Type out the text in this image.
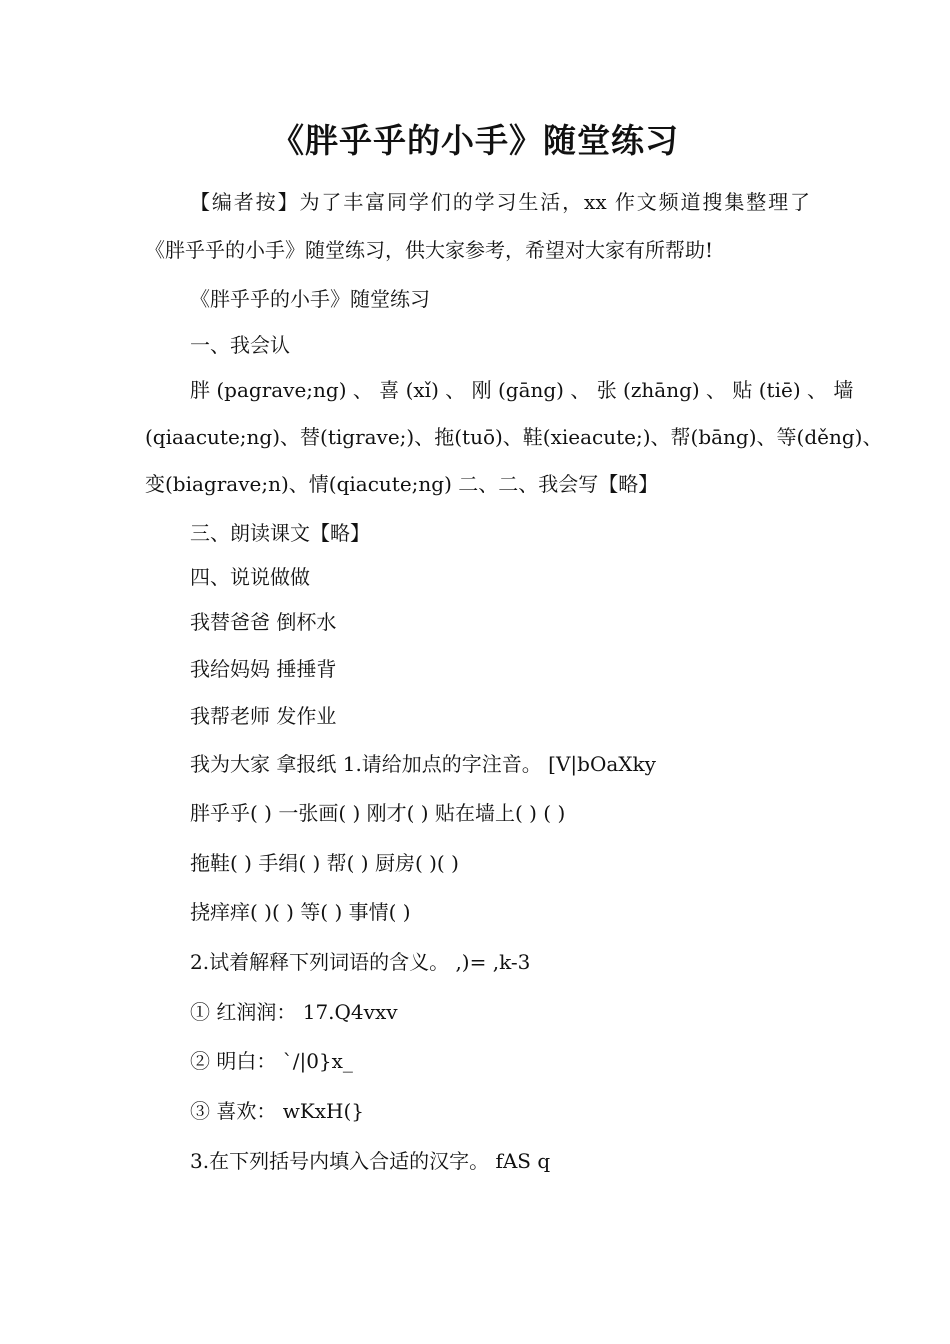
《胖乎乎的小手》随堂练习

【编者按】为了丰富同学们的学习生活，xx 作文频道搜集整理了

《胖乎乎的小手》随堂练习，供大家参考，希望对大家有所帮助!

《胖乎乎的小手》随堂练习

一、我会认

胖 (pagrave;ng) 、 喜 (xǐ) 、 刚 (gāng) 、 张 (zhāng) 、 贴 (tiē) 、 墙

(qiaacute;ng)、替(tigrave;)、拖(tuō)、鞋(xieacute;)、帮(bāng)、等(děng)、

变(biagrave;n)、情(qiacute;ng) 二、二、我会写【略】

三、朗读课文【略】

四、说说做做

我替爸爸 倒杯水

我给妈妈 捶捶背

我帮老师 发作业

我为大家 拿报纸 1.请给加点的字注音。 [V|bOaXky

胖乎乎( ) 一张画( ) 刚才( ) 贴在墙上( ) ( )

拖鞋( ) 手绢( ) 帮( ) 厨房( )( )

挠痒痒( )( ) 等( ) 事情( )

2.试着解释下列词语的含义。 ,)= ,k-3

① 红润润： 17.Q4vxv

② 明白： `/|0}x_

③ 喜欢： wKxH(}

3.在下列括号内填入合适的汉字。 fAS q
